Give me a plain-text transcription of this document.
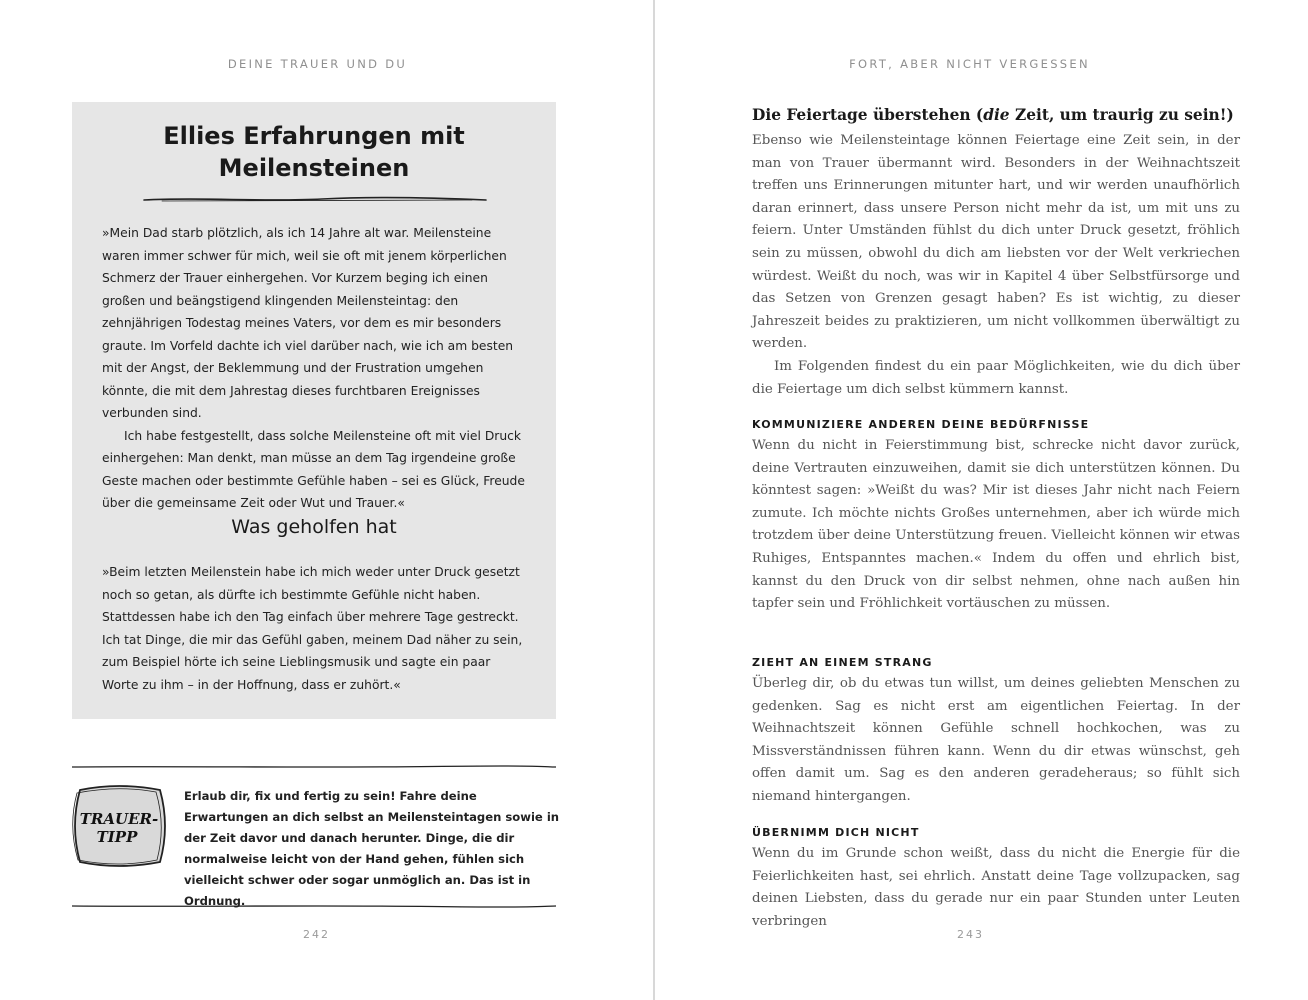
DEINE TRAUER UND DU
Ellies Erfahrungen mit
Meilensteinen

»Mein Dad starb plötzlich, als ich 14 Jahre alt war. Meilensteine waren immer schwer für mich, weil sie oft mit jenem körperlichen Schmerz der Trauer einhergehen. Vor Kurzem beging ich einen großen und beängstigend klingenden Meilensteintag: den zehnjährigen Todestag meines Vaters, vor dem es mir besonders graute. Im Vorfeld dachte ich viel darüber nach, wie ich am besten mit der Angst, der Beklemmung und der Frustration umgehen könnte, die mit dem Jahrestag dieses furchtbaren Ereignisses verbunden sind.

Ich habe festgestellt, dass solche Meilensteine oft mit viel Druck einhergehen: Man denkt, man müsse an dem Tag irgendeine große Geste machen oder bestimmte Gefühle haben – sei es Glück, Freude über die gemeinsame Zeit oder Wut und Trauer.«

Was geholfen hat

»Beim letzten Meilenstein habe ich mich weder unter Druck gesetzt noch so getan, als dürfte ich bestimmte Gefühle nicht haben. Stattdessen habe ich den Tag einfach über mehrere Tage gestreckt. Ich tat Dinge, die mir das Gefühl gaben, meinem Dad näher zu sein, zum Beispiel hörte ich seine Lieblingsmusik und sagte ein paar Worte zu ihm – in der Hoffnung, dass er zuhört.«

TRAUER-
TIPP
Erlaub dir, fix und fertig zu sein! Fahre deine Erwartungen an dich selbst an Meilensteintagen sowie in der Zeit davor und danach herunter. Dinge, die dir normalweise leicht von der Hand gehen, fühlen sich vielleicht schwer oder sogar unmöglich an. Das ist in Ordnung.
242
FORT, ABER NICHT VERGESSEN
Die Feiertage überstehen (die Zeit, um traurig zu sein!)

Ebenso wie Meilensteintage können Feiertage eine Zeit sein, in der man von Trauer übermannt wird. Besonders in der Weihnachtszeit treffen uns Erinnerungen mitunter hart, und wir werden unaufhörlich daran erinnert, dass unsere Person nicht mehr da ist, um mit uns zu feiern. Unter Umständen fühlst du dich unter Druck gesetzt, fröhlich sein zu müssen, obwohl du dich am liebsten vor der Welt verkriechen würdest. Weißt du noch, was wir in Kapitel 4 über Selbstfürsorge und das Setzen von Grenzen gesagt haben? Es ist wichtig, zu dieser Jahreszeit beides zu praktizieren, um nicht vollkommen überwältigt zu werden.

Im Folgenden findest du ein paar Möglichkeiten, wie du dich über die Feiertage um dich selbst kümmern kannst.

KOMMUNIZIERE ANDEREN DEINE BEDÜRFNISSE

Wenn du nicht in Feierstimmung bist, schrecke nicht davor zurück, deine Vertrauten einzuweihen, damit sie dich unterstützen können. Du könntest sagen: »Weißt du was? Mir ist dieses Jahr nicht nach Feiern zumute. Ich möchte nichts Großes unternehmen, aber ich würde mich trotzdem über deine Unterstützung freuen. Vielleicht können wir etwas Ruhiges, Entspanntes machen.« Indem du offen und ehrlich bist, kannst du den Druck von dir selbst nehmen, ohne nach außen hin tapfer sein und Fröhlichkeit vortäuschen zu müssen.

ZIEHT AN EINEM STRANG

Überleg dir, ob du etwas tun willst, um deines geliebten Menschen zu gedenken. Sag es nicht erst am eigentlichen Feiertag. In der Weihnachtszeit können Gefühle schnell hochkochen, was zu Missverständnissen führen kann. Wenn du dir etwas wünschst, geh offen damit um. Sag es den anderen geradeheraus; so fühlt sich niemand hintergangen.

ÜBERNIMM DICH NICHT

Wenn du im Grunde schon weißt, dass du nicht die Energie für die Feierlichkeiten hast, sei ehrlich. Anstatt deine Tage vollzupacken, sag deinen Liebsten, dass du gerade nur ein paar Stunden unter Leuten verbringen

243
